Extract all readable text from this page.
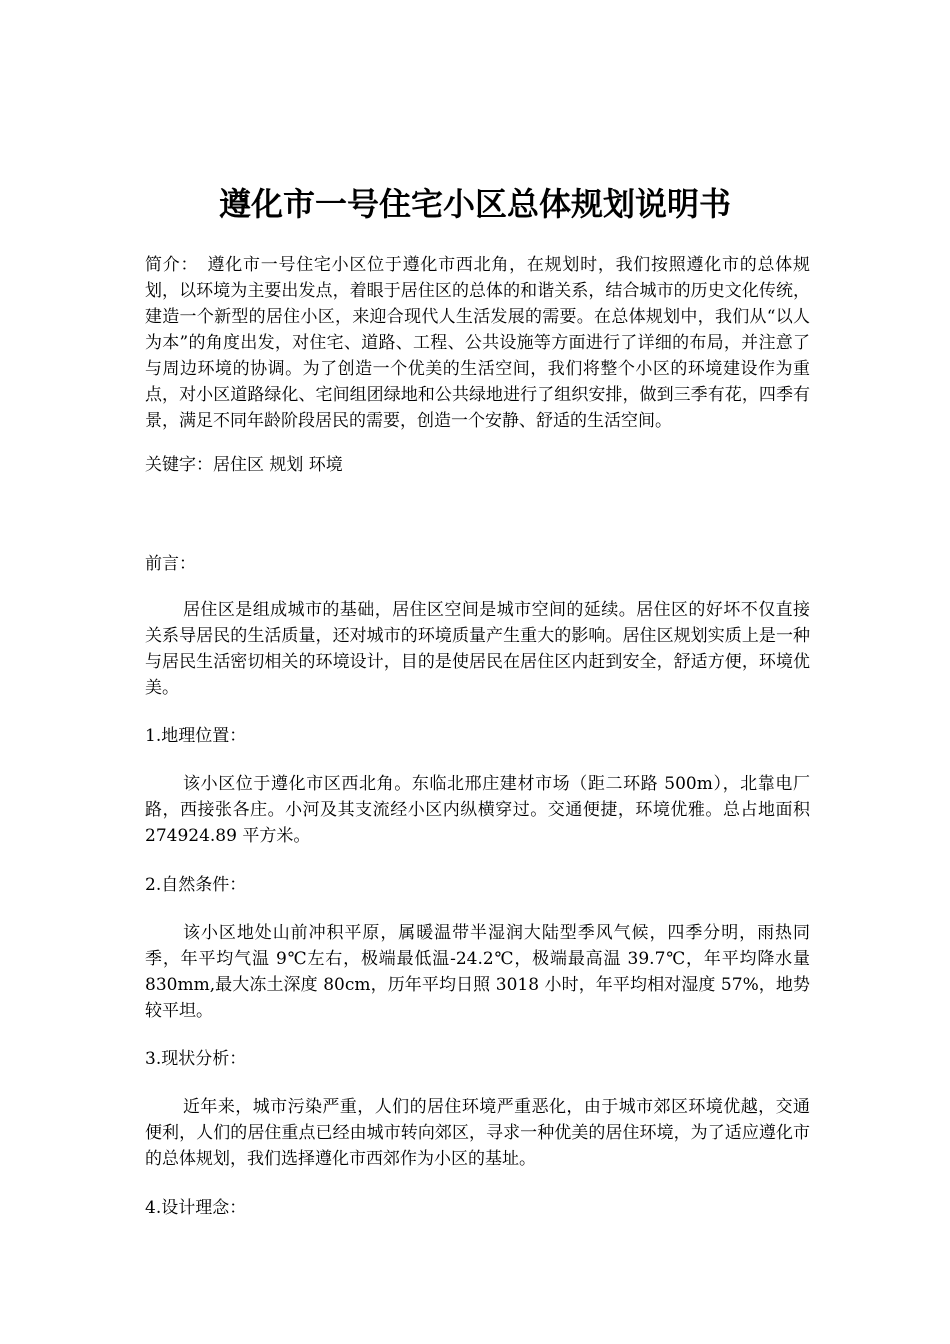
遵化市一号住宅小区总体规划说明书

简介：　遵化市一号住宅小区位于遵化市西北角，在规划时，我们按照遵化市的总体规划，以环境为主要出发点，着眼于居住区的总体的和谐关系，结合城市的历史文化传统，建造一个新型的居住小区，来迎合现代人生活发展的需要。在总体规划中，我们从“以人为本”的角度出发，对住宅、道路、工程、公共设施等方面进行了详细的布局，并注意了与周边环境的协调。为了创造一个优美的生活空间，我们将整个小区的环境建设作为重点，对小区道路绿化、宅间组团绿地和公共绿地进行了组织安排，做到三季有花，四季有景，满足不同年龄阶段居民的需要，创造一个安静、舒适的生活空间。

关键字：居住区 规划 环境

前言：

居住区是组成城市的基础，居住区空间是城市空间的延续。居住区的好坏不仅直接关系导居民的生活质量，还对城市的环境质量产生重大的影响。居住区规划实质上是一种与居民生活密切相关的环境设计，目的是使居民在居住区内赶到安全，舒适方便，环境优美。

1.地理位置：

该小区位于遵化市区西北角。东临北邢庄建材市场（距二环路 500m），北靠电厂路，西接张各庄。小河及其支流经小区内纵横穿过。交通便捷，环境优雅。总占地面积 274924.89 平方米。

2.自然条件：

该小区地处山前冲积平原，属暖温带半湿润大陆型季风气候，四季分明，雨热同季，年平均气温 9℃左右，极端最低温-24.2℃，极端最高温 39.7℃，年平均降水量 830mm,最大冻土深度 80cm，历年平均日照 3018 小时，年平均相对湿度 57%，地势较平坦。

3.现状分析：

近年来，城市污染严重，人们的居住环境严重恶化，由于城市郊区环境优越，交通便利，人们的居住重点已经由城市转向郊区，寻求一种优美的居住环境，为了适应遵化市的总体规划，我们选择遵化市西郊作为小区的基址。

4.设计理念：
